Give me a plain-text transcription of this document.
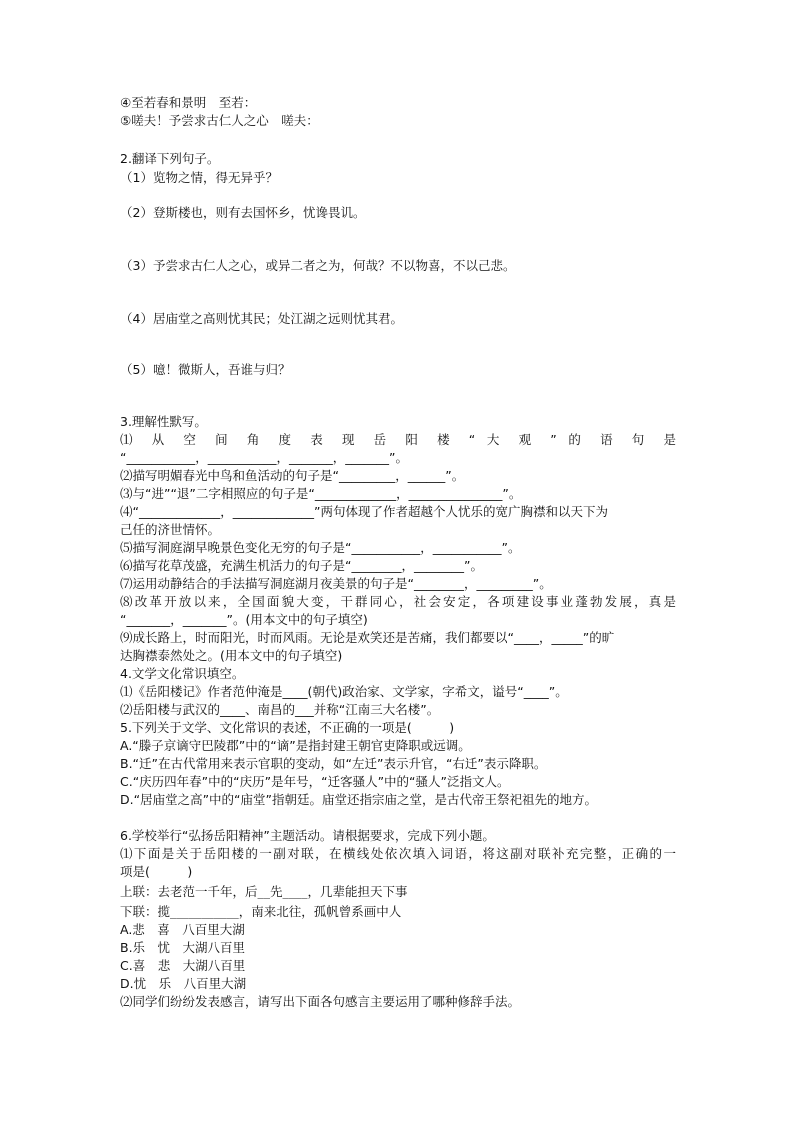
④至若春和景明　至若：
⑤嗟夫！予尝求古仁人之心　嗟夫：
2.翻译下列句子。
（1）览物之情，得无异乎？
（2）登斯楼也，则有去国怀乡，忧谗畏讥。
（3）予尝求古仁人之心，或异二者之为，何哉？不以物喜，不以己悲。
（4）居庙堂之高则忧其民；处江湖之远则忧其君。
（5）噫！微斯人，吾谁与归？
3.理解性默写。
⑴ 从 空 间 角 度 表 现 岳 阳 楼 “ 大 观 ” 的 语 句 是
“___________，___________，_______，_______”。
⑵描写明媚春光中鸟和鱼活动的句子是“_________，______”。
⑶与“进”“退”二字相照应的句子是“_____________，_______________”。
⑷“_____________，_____________”两句体现了作者超越个人忧乐的宽广胸襟和以天下为
己任的济世情怀。
⑸描写洞庭湖早晚景色变化无穷的句子是“___________，___________”。
⑹描写花草茂盛，充满生机活力的句子是“________，________”。
⑺运用动静结合的手法描写洞庭湖月夜美景的句子是“________，_________”。
⑻改革开放以来，全国面貌大变，干群同心，社会安定，各项建设事业蓬勃发展，真是
“_______，_______”。(用本文中的句子填空)
⑼成长路上，时而阳光，时而风雨。无论是欢笑还是苦痛，我们都要以“____，_____”的旷
达胸襟泰然处之。(用本文中的句子填空)
4.文学文化常识填空。
⑴《岳阳楼记》作者范仲淹是____(朝代)政治家、文学家，字希文，谥号“____”。
⑵岳阳楼与武汉的____、南昌的___并称“江南三大名楼”。
5.下列关于文学、文化常识的表述，不正确的一项是(　　　)
A.“滕子京谪守巴陵郡”中的“谪”是指封建王朝官吏降职或远调。
B.“迁”在古代常用来表示官职的变动，如“左迁”表示升官，“右迁”表示降职。
C.“庆历四年春”中的“庆历”是年号，“迁客骚人”中的“骚人”泛指文人。
D.“居庙堂之高”中的“庙堂”指朝廷。庙堂还指宗庙之堂，是古代帝王祭祀祖先的地方。
6.学校举行“弘扬岳阳精神”主题活动。请根据要求，完成下列小题。
⑴下面是关于岳阳楼的一副对联，在横线处依次填入词语，将这副对联补充完整，正确的一
项是(　　　)
上联：去老范一千年，后__先____，几辈能担天下事
下联：揽___________，南来北往，孤帆曾系画中人
A.悲　喜　八百里大湖
B.乐　忧　大湖八百里
C.喜　悲　大湖八百里
D.忧　乐　八百里大湖
⑵同学们纷纷发表感言，请写出下面各句感言主要运用了哪种修辞手法。
